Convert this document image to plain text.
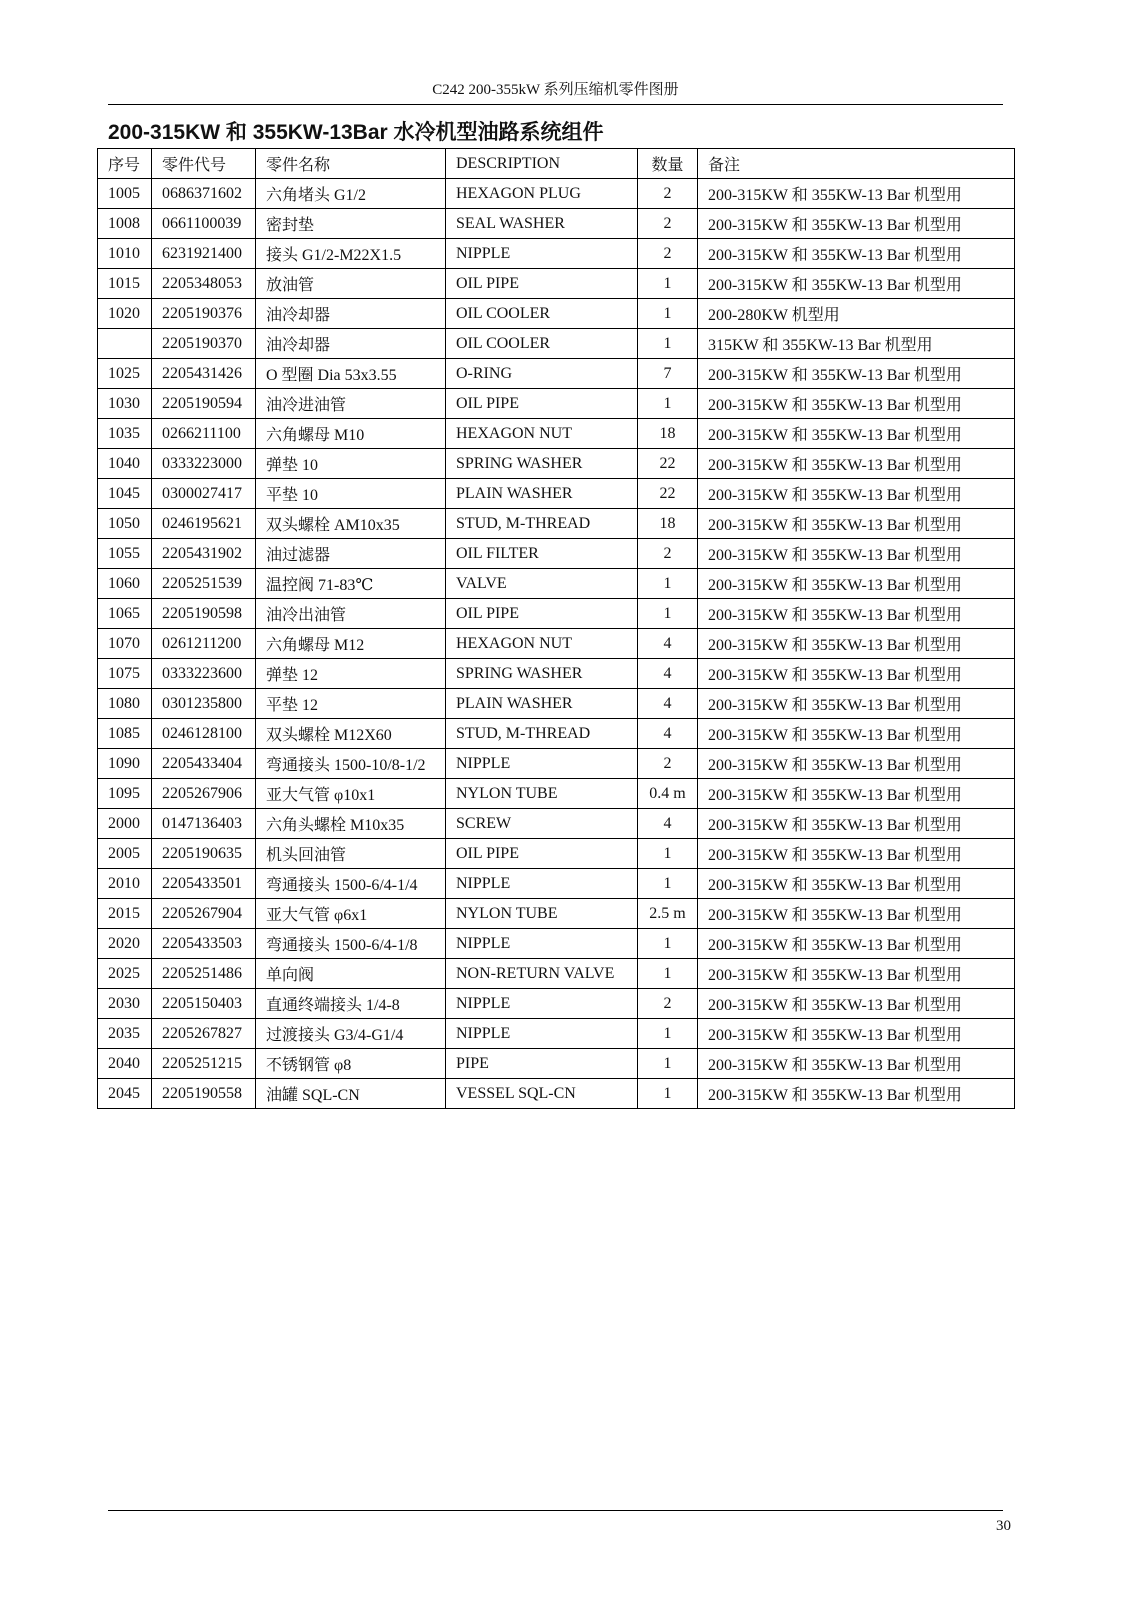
C242 200-355kW 系列压缩机零件图册
200-315KW 和 355KW-13Bar 水冷机型油路系统组件
序号	零件代号	零件名称	DESCRIPTION	数量	备注
1005	0686371602	六角堵头 G1/2	HEXAGON PLUG	2	200-315KW 和 355KW-13 Bar 机型用
1008	0661100039	密封垫	SEAL WASHER	2	200-315KW 和 355KW-13 Bar 机型用
1010	6231921400	接头 G1/2-M22X1.5	NIPPLE	2	200-315KW 和 355KW-13 Bar 机型用
1015	2205348053	放油管	OIL PIPE	1	200-315KW 和 355KW-13 Bar 机型用
1020	2205190376	油冷却器	OIL COOLER	1	200-280KW 机型用
	2205190370	油冷却器	OIL COOLER	1	315KW 和 355KW-13 Bar 机型用
1025	2205431426	O 型圈 Dia 53x3.55	O-RING	7	200-315KW 和 355KW-13 Bar 机型用
1030	2205190594	油冷进油管	OIL PIPE	1	200-315KW 和 355KW-13 Bar 机型用
1035	0266211100	六角螺母 M10	HEXAGON NUT	18	200-315KW 和 355KW-13 Bar 机型用
1040	0333223000	弹垫 10	SPRING WASHER	22	200-315KW 和 355KW-13 Bar 机型用
1045	0300027417	平垫 10	PLAIN WASHER	22	200-315KW 和 355KW-13 Bar 机型用
1050	0246195621	双头螺栓 AM10x35	STUD, M-THREAD	18	200-315KW 和 355KW-13 Bar 机型用
1055	2205431902	油过滤器	OIL FILTER	2	200-315KW 和 355KW-13 Bar 机型用
1060	2205251539	温控阀 71-83℃	VALVE	1	200-315KW 和 355KW-13 Bar 机型用
1065	2205190598	油冷出油管	OIL PIPE	1	200-315KW 和 355KW-13 Bar 机型用
1070	0261211200	六角螺母 M12	HEXAGON NUT	4	200-315KW 和 355KW-13 Bar 机型用
1075	0333223600	弹垫 12	SPRING WASHER	4	200-315KW 和 355KW-13 Bar 机型用
1080	0301235800	平垫 12	PLAIN WASHER	4	200-315KW 和 355KW-13 Bar 机型用
1085	0246128100	双头螺栓 M12X60	STUD, M-THREAD	4	200-315KW 和 355KW-13 Bar 机型用
1090	2205433404	弯通接头 1500-10/8-1/2	NIPPLE	2	200-315KW 和 355KW-13 Bar 机型用
1095	2205267906	亚大气管 φ10x1	NYLON TUBE	0.4 m	200-315KW 和 355KW-13 Bar 机型用
2000	0147136403	六角头螺栓 M10x35	SCREW	4	200-315KW 和 355KW-13 Bar 机型用
2005	2205190635	机头回油管	OIL PIPE	1	200-315KW 和 355KW-13 Bar 机型用
2010	2205433501	弯通接头 1500-6/4-1/4	NIPPLE	1	200-315KW 和 355KW-13 Bar 机型用
2015	2205267904	亚大气管 φ6x1	NYLON TUBE	2.5 m	200-315KW 和 355KW-13 Bar 机型用
2020	2205433503	弯通接头 1500-6/4-1/8	NIPPLE	1	200-315KW 和 355KW-13 Bar 机型用
2025	2205251486	单向阀	NON-RETURN VALVE	1	200-315KW 和 355KW-13 Bar 机型用
2030	2205150403	直通终端接头 1/4-8	NIPPLE	2	200-315KW 和 355KW-13 Bar 机型用
2035	2205267827	过渡接头 G3/4-G1/4	NIPPLE	1	200-315KW 和 355KW-13 Bar 机型用
2040	2205251215	不锈钢管 φ8	PIPE	1	200-315KW 和 355KW-13 Bar 机型用
2045	2205190558	油罐 SQL-CN	VESSEL SQL-CN	1	200-315KW 和 355KW-13 Bar 机型用
30
